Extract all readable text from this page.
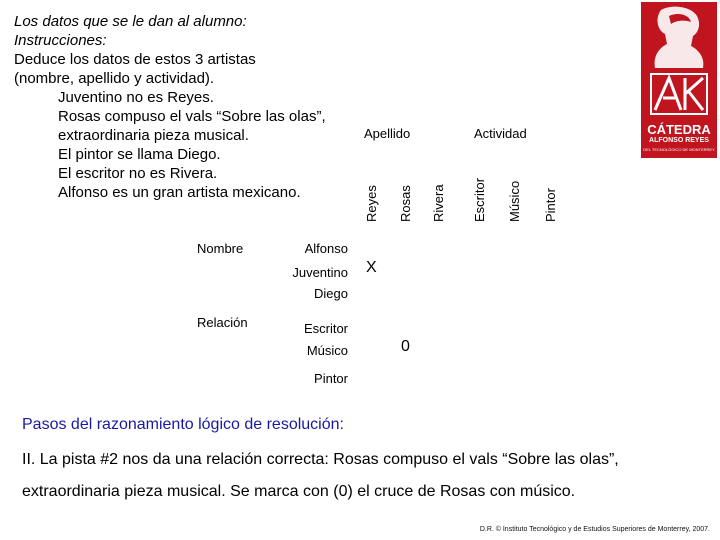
Los datos que se le dan al alumno:
Instrucciones:
Deduce los datos de estos 3 artistas
(nombre, apellido y actividad).
Juventino no es Reyes.
Rosas compuso el vals “Sobre las olas”, extraordinaria pieza musical.
El pintor se llama Diego.
El escritor no es Rivera.
Alfonso es un gran artista mexicano.
CÁTEDRA
ALFONSO REYES
DEL TECNOLÓGICO DE MONTERREY
Apellido	Actividad
Reyes Rosas Rivera Escritor Músico Pintor
Nombre
Relación
Alfonso
Juventino
Diego
Escritor
Músico
Pintor
X
0
Pasos del razonamiento lógico de resolución:
II. La pista #2 nos da una relación correcta: Rosas compuso el vals “Sobre las olas”, extraordinaria pieza musical. Se marca con (0) el cruce de Rosas con músico.
D.R. © Instituto Tecnológico y de Estudios Superiores de Monterrey, 2007.
